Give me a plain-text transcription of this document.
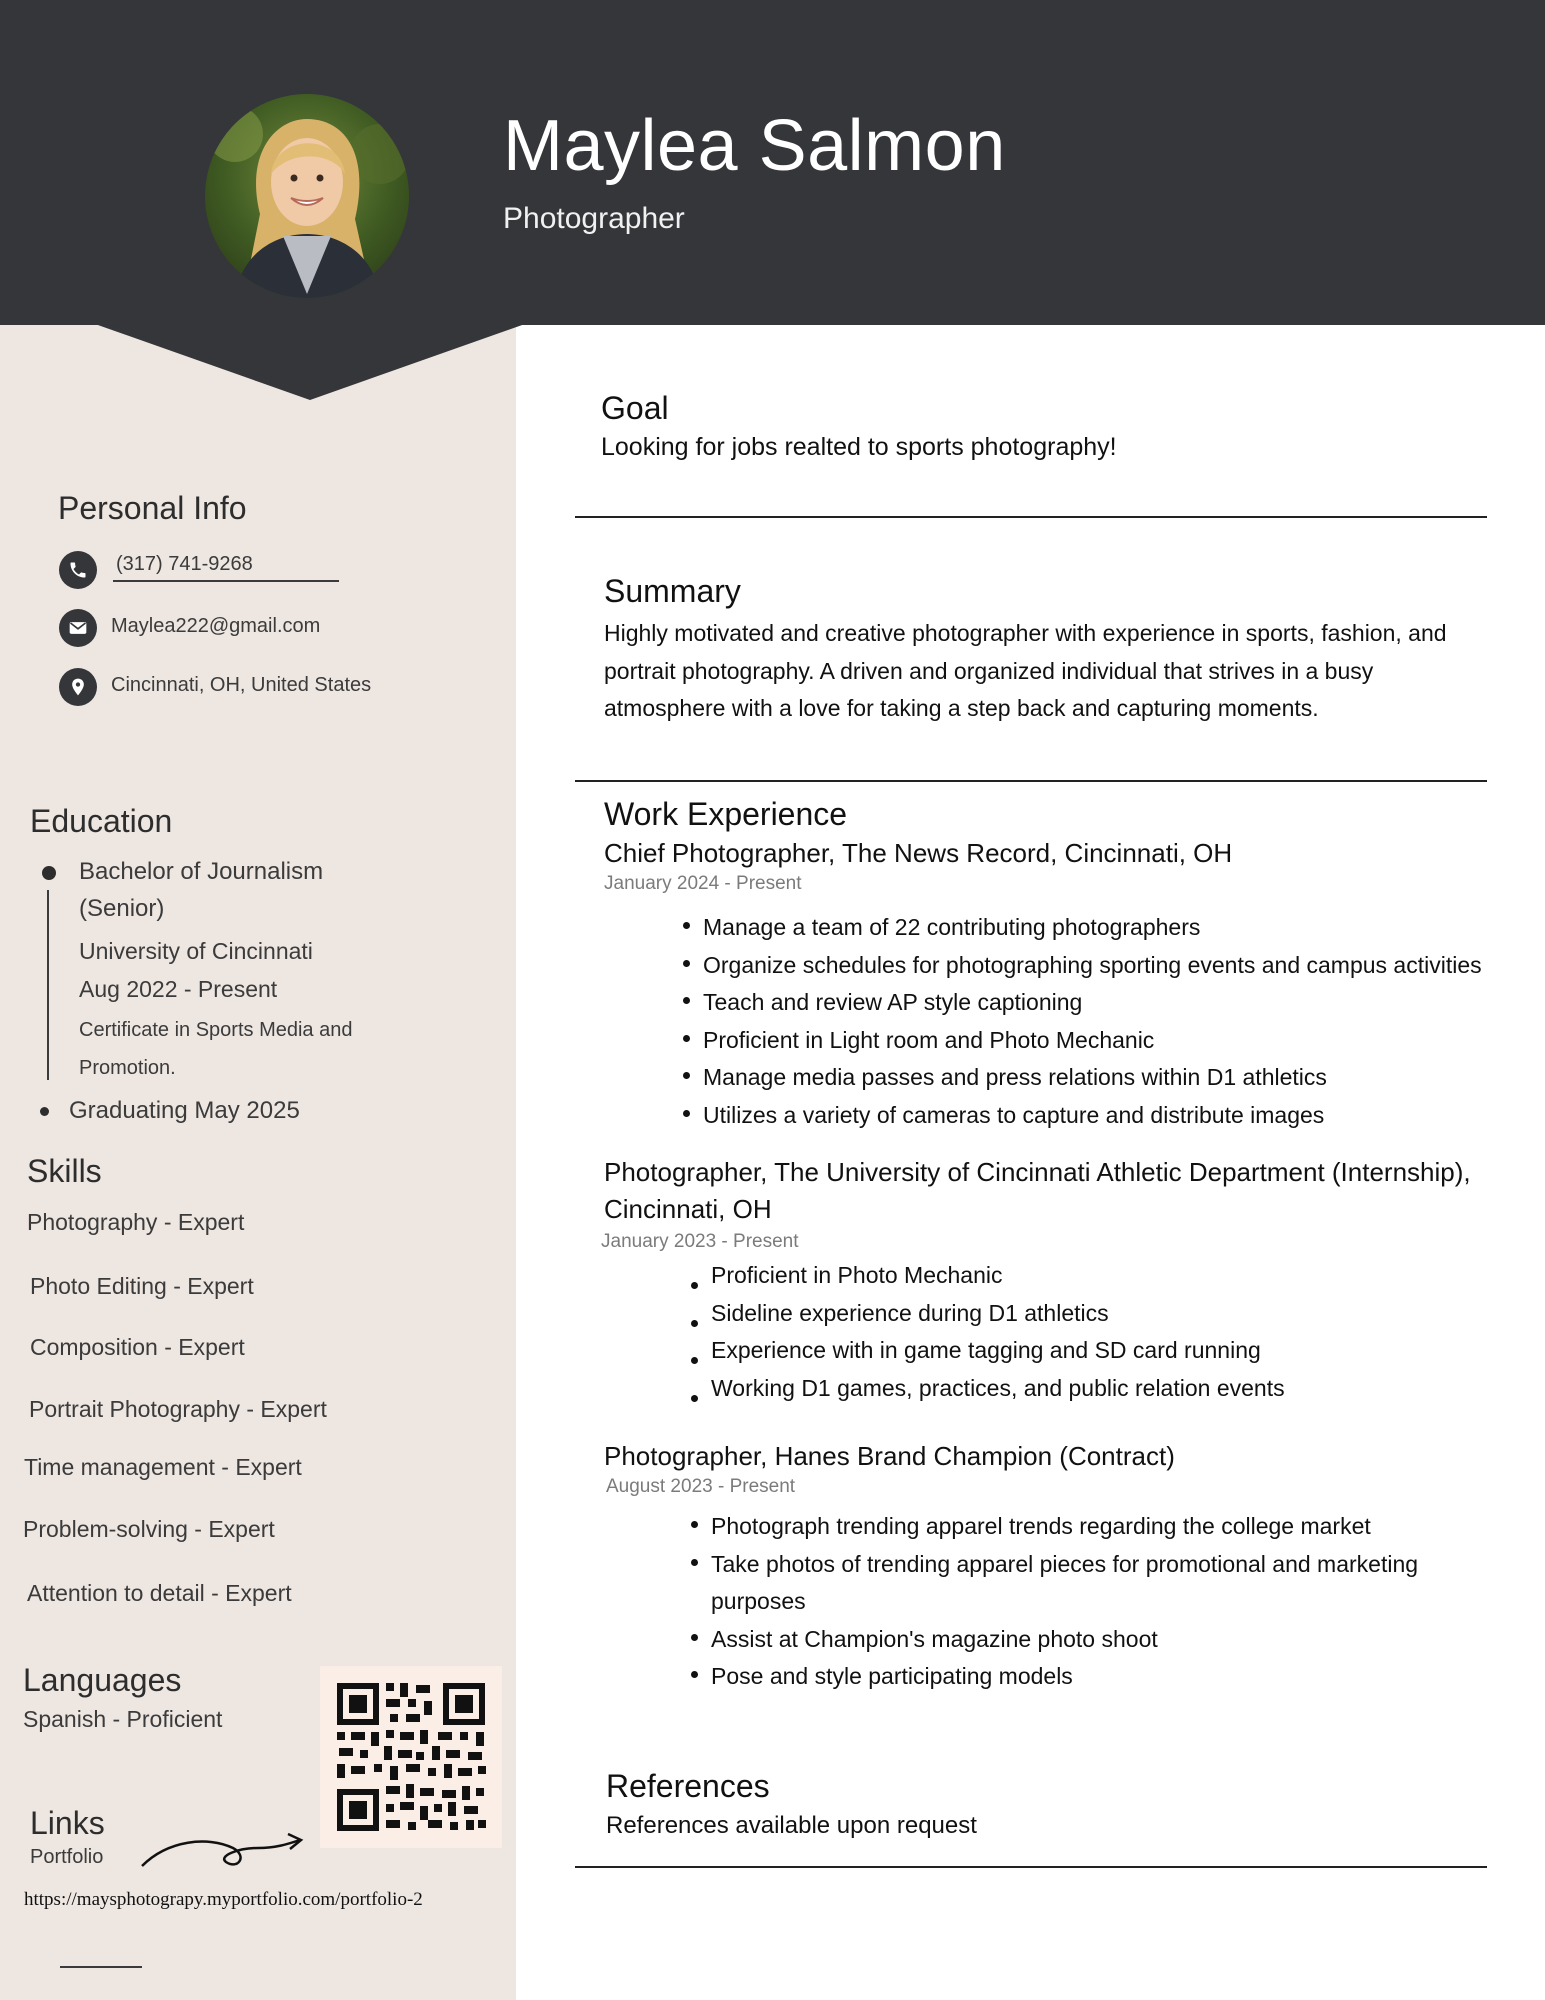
Maylea Salmon
Photographer
Personal Info
(317) 741-9268
Maylea222@gmail.com
Cincinnati, OH, United States
Education
Bachelor of Journalism
(Senior)
University of Cincinnati
Aug 2022 - Present
Certificate in Sports Media and
Promotion.
Graduating May 2025
Skills
Photography - Expert
Photo Editing - Expert
Composition - Expert
Portrait Photography - Expert
Time management - Expert
Problem-solving - Expert
Attention to detail - Expert
Languages
Spanish - Proficient
Links
Portfolio
https://maysphotograpy.myportfolio.com/portfolio-2
Goal
Looking for jobs realted to sports photography!
Summary
Highly motivated and creative photographer with experience in sports, fashion, and portrait photography. A driven and organized individual that strives in a busy atmosphere with a love for taking a step back and capturing moments.
Work Experience
Chief Photographer, The News Record, Cincinnati, OH
January 2024 - Present
Manage a team of 22 contributing photographers
Organize schedules for photographing sporting events and campus activities
Teach and review AP style captioning
Proficient in Light room and Photo Mechanic
Manage media passes and press relations within D1 athletics
Utilizes a variety of cameras to capture and distribute images
Photographer, The University of Cincinnati Athletic Department (Internship),
Cincinnati, OH
January 2023 - Present
Proficient in Photo Mechanic
Sideline experience during D1 athletics
Experience with in game tagging and SD card running
Working D1 games, practices, and public relation events
Photographer, Hanes Brand Champion (Contract)
August 2023 - Present
Photograph trending apparel trends regarding the college market
Take photos of trending apparel pieces for promotional and marketing
purposes
Assist at Champion's magazine photo shoot
Pose and style participating models
References
References available upon request
